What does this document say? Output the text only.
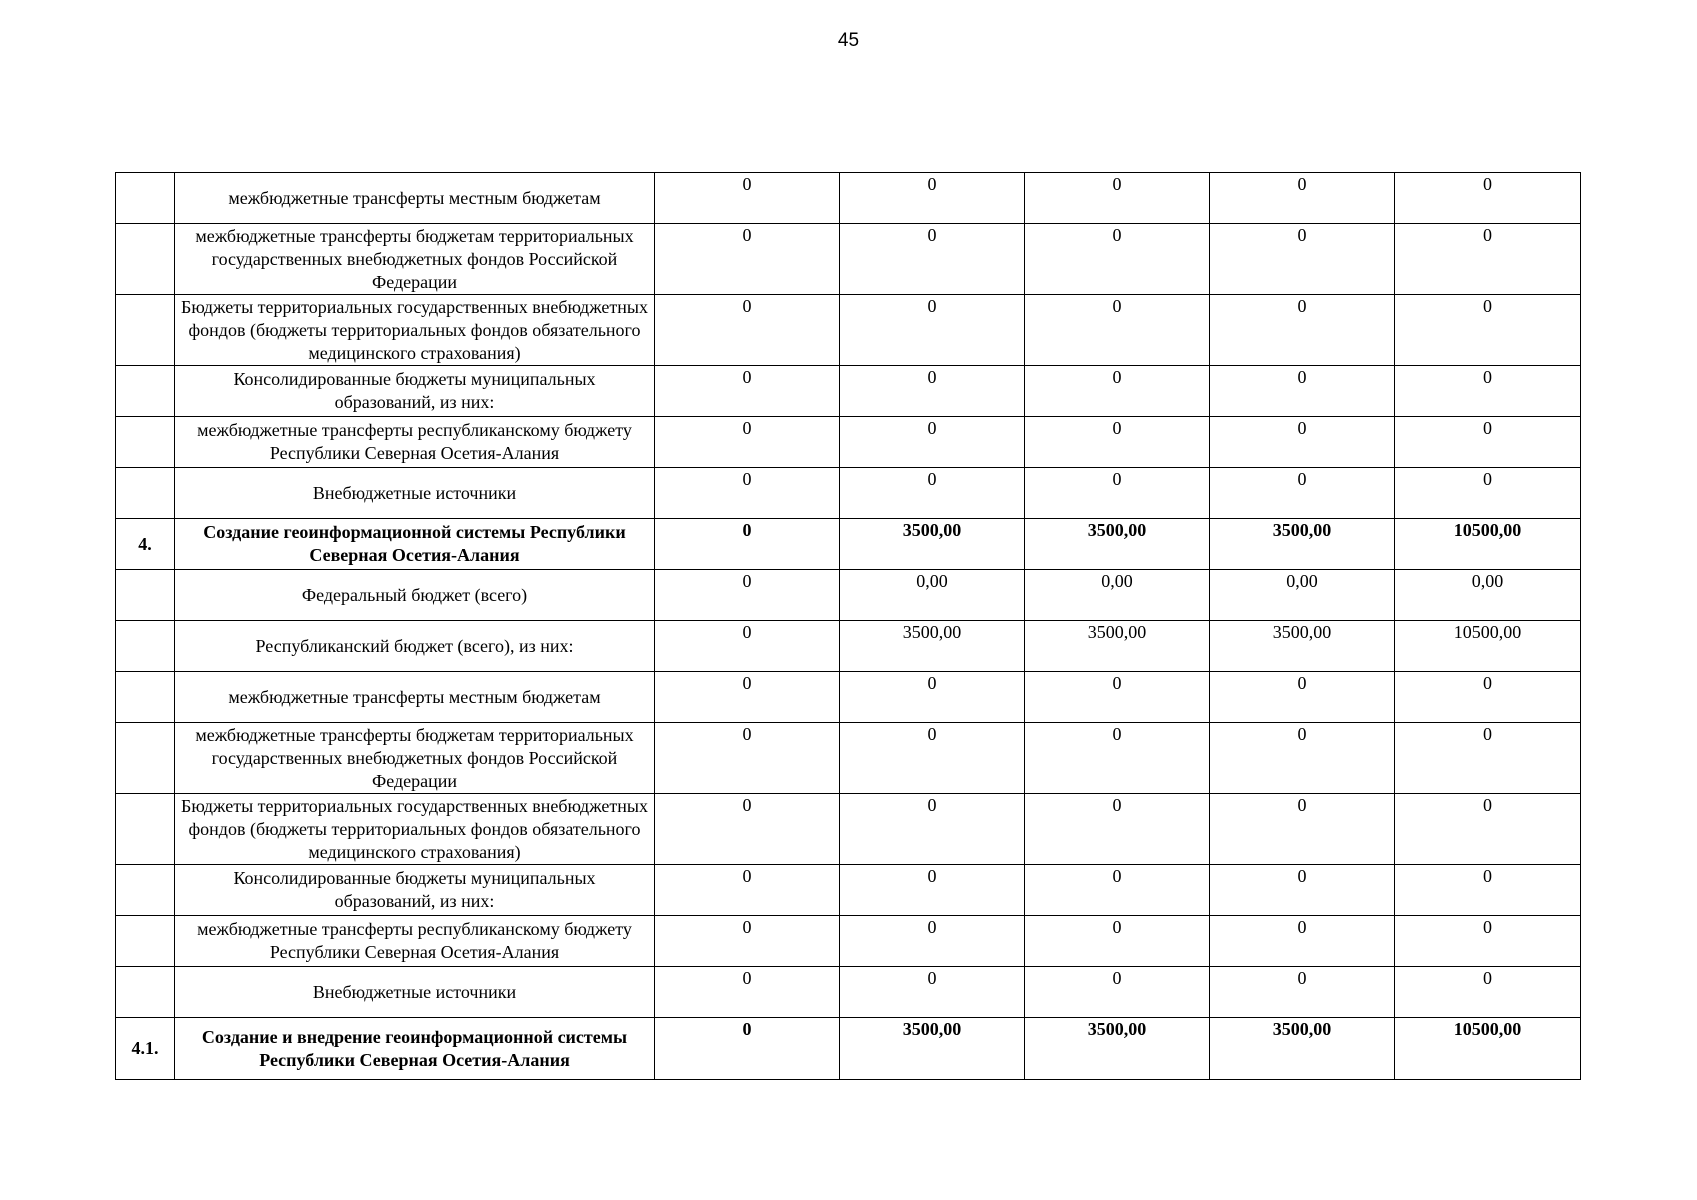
45
	межбюджетные трансферты местным бюджетам	0	0	0	0	0
	межбюджетные трансферты бюджетам территориальных государственных внебюджетных фондов Российской Федерации	0	0	0	0	0
	Бюджеты территориальных государственных внебюджетных фондов (бюджеты территориальных фондов обязательного медицинского страхования)	0	0	0	0	0
	Консолидированные бюджеты муниципальных образований, из них:	0	0	0	0	0
	межбюджетные трансферты республиканскому бюджету Республики Северная Осетия-Алания	0	0	0	0	0
	Внебюджетные источники	0	0	0	0	0
4.	Создание геоинформационной системы Республики Северная Осетия-Алания	0	3500,00	3500,00	3500,00	10500,00
	Федеральный бюджет (всего)	0	0,00	0,00	0,00	0,00
	Республиканский бюджет (всего), из них:	0	3500,00	3500,00	3500,00	10500,00
	межбюджетные трансферты местным бюджетам	0	0	0	0	0
	межбюджетные трансферты бюджетам территориальных государственных внебюджетных фондов Российской Федерации	0	0	0	0	0
	Бюджеты территориальных государственных внебюджетных фондов (бюджеты территориальных фондов обязательного медицинского страхования)	0	0	0	0	0
	Консолидированные бюджеты муниципальных образований, из них:	0	0	0	0	0
	межбюджетные трансферты республиканскому бюджету Республики Северная Осетия-Алания	0	0	0	0	0
	Внебюджетные источники	0	0	0	0	0
4.1.	Создание и внедрение геоинформационной системы Республики Северная Осетия-Алания	0	3500,00	3500,00	3500,00	10500,00
